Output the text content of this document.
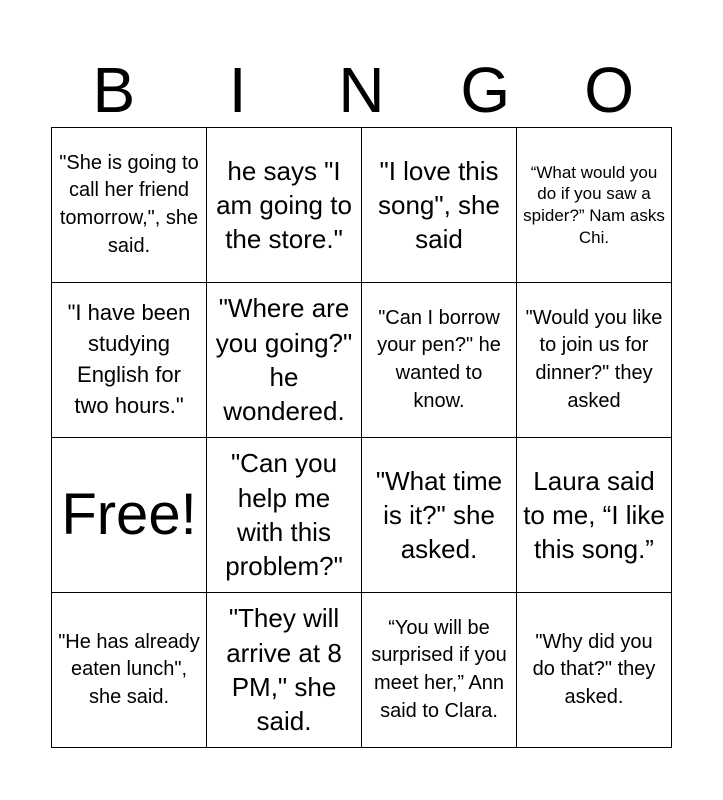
B	I	N	G	O
"She is going to call her friend tomorrow,", she said.
he says "I am going to the store."
"I love this song", she said
“What would you do if you saw a spider?” Nam asks Chi.
"I have been studying English for two hours."
"Where are you going?" he wondered.
"Can I borrow your pen?" he wanted to know.
"Would you like to join us for dinner?" they asked
Free!
"Can you help me with this problem?"
"What time is it?" she asked.
Laura said to me, “I like this song.”
"He has already eaten lunch", she said.
"They will arrive at 8 PM," she said.
“You will be surprised if you meet her,” Ann said to Clara.
"Why did you do that?" they asked.
